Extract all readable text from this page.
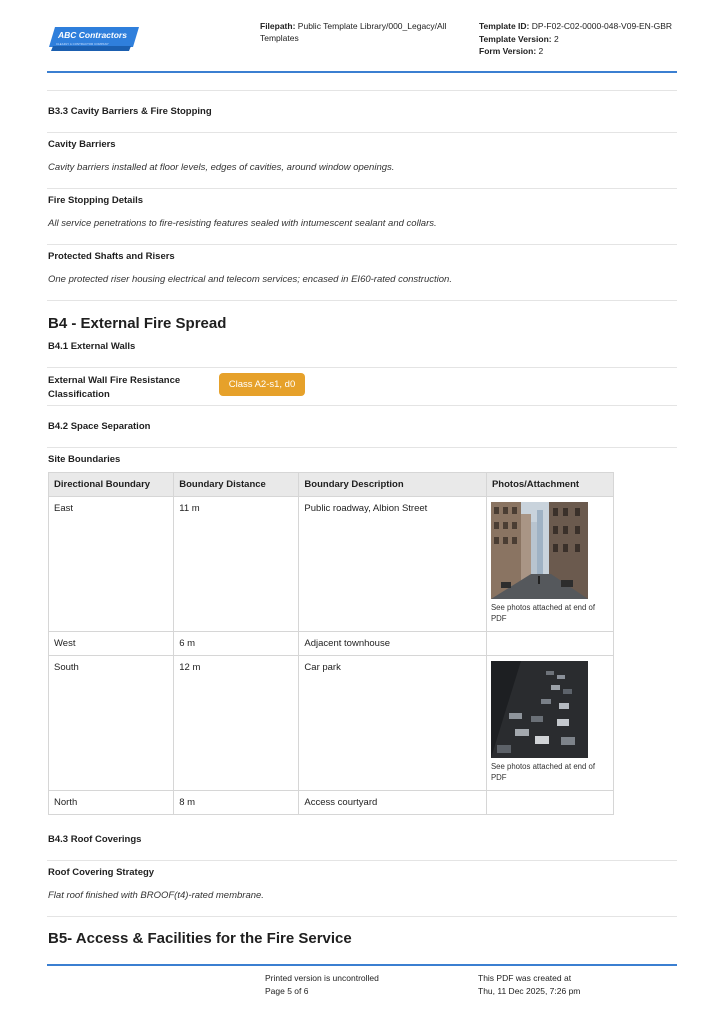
ABC Contractors
CLEARLY A CONTRACTOR COMPANY
Filepath: Public Template Library/000_Legacy/All Templates
Template ID: DP-F02-C02-0000-048-V09-EN-GBR
Template Version: 2
Form Version: 2
B3.3 Cavity Barriers & Fire Stopping
Cavity Barriers
Cavity barriers installed at floor levels, edges of cavities, around window openings.
Fire Stopping Details
All service penetrations to fire-resisting features sealed with intumescent sealant and collars.
Protected Shafts and Risers
One protected riser housing electrical and telecom services; encased in EI60-rated construction.
B4 - External Fire Spread
B4.1 External Walls
External Wall Fire Resistance
Classification
Class A2-s1, d0
B4.2 Space Separation
Site Boundaries
Directional Boundary	Boundary Distance	Boundary Description	Photos/Attachment
East	11 m	Public roadway, Albion Street	See photos attached at end of PDF

West	6 m	Adjacent townhouse	
South	12 m	Car park	See photos attached at end of PDF

North	8 m	Access courtyard	
B4.3 Roof Coverings
Roof Covering Strategy
Flat roof finished with BROOF(t4)-rated membrane.
B5- Access & Facilities for the Fire Service
Printed version is uncontrolled
Page 5 of 6
This PDF was created at
Thu, 11 Dec 2025, 7:26 pm
